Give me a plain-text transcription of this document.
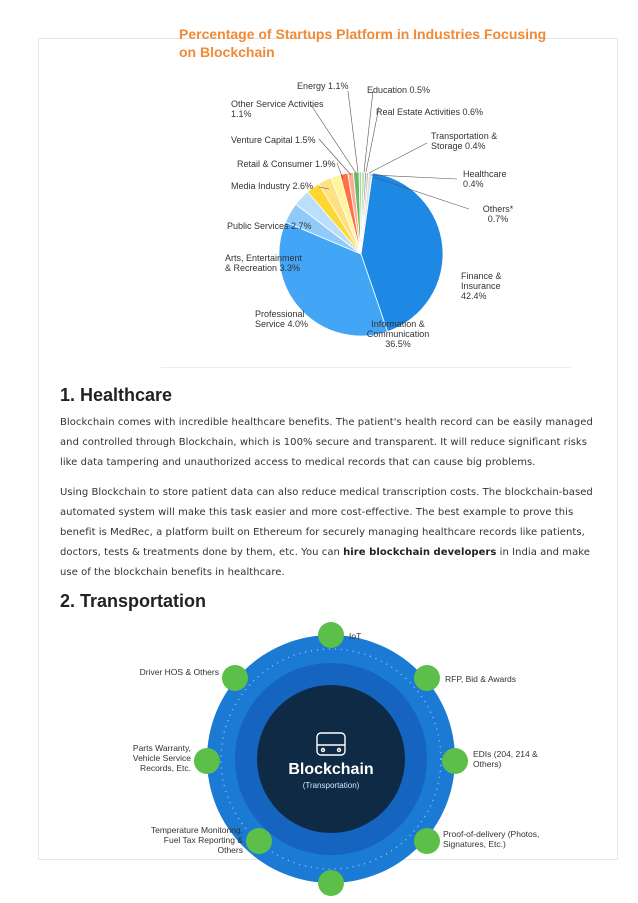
Percentage of Startups Platform in Industries Focusing
on Blockchain
Energy 1.1% Education 0.5%
Other Service Activities 1.1%	Real Estate Activities 0.6%
Venture Capital 1.5%	Transportation & Storage 0.4%
Retail & Consumer 1.9%
Healthcare 0.4%
Media Industry 2.6%
Others* 0.7%
Public Services 2.7%
Arts, Entertainment & Recreation 3.3%
Finance & Insurance 42.4%
Professional Service 4.0%	Information & Communication 36.5%
1. Healthcare
Blockchain comes with incredible healthcare benefits. The patient's health record can be easily managed and controlled through Blockchain, which is 100% secure and transparent. It will reduce significant risks like data tampering and unauthorized access to medical records that can cause big problems.
Using Blockchain to store patient data can also reduce medical transcription costs. The blockchain-based automated system will make this task easier and more cost-effective. The best example to prove this benefit is MedRec, a platform built on Ethereum for securely managing healthcare records like patients, doctors, tests & treatments done by them, etc. You can hire blockchain developers in India and make use of the blockchain benefits in healthcare.
2. Transportation
Blockchain
(Transportation)
IoT
RFP, Bid & Awards
EDIs (204, 214 & Others)
Proof-of-delivery (Photos, Signatures, Etc.)
Driver HOS & Others
Parts Warranty, Vehicle Service Records, Etc.
Temperature Monitoring, Fuel Tax Reporting & Others
